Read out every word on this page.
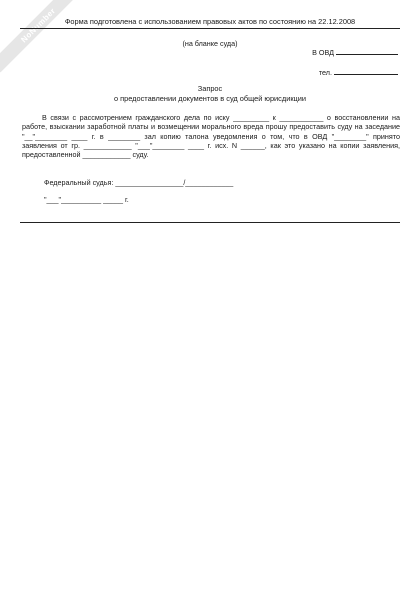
NoNumber	Форма подготовлена с использованием правовых актов по состоянию на 22.12.2008
(на бланке суда)
В ОВД
тел.
Запрос
о предоставлении документов в суд общей юрисдикции

В связи с рассмотрением гражданского дела по иску _________ к ___________ о восстановлении на работе, взыскании заработной платы и возмещении морального вреда прошу предоставить суду на заседание "__"________ ____ г. в ________ зал копию талона уведомления о том, что в ОВД "________" принято заявления от гр. ____________ "___"________ ____ г. исх. N ______, как это указано на копии заявления, предоставленной ____________ суду.

Федеральный судья: _________________/____________
"___"__________ _____ г.
